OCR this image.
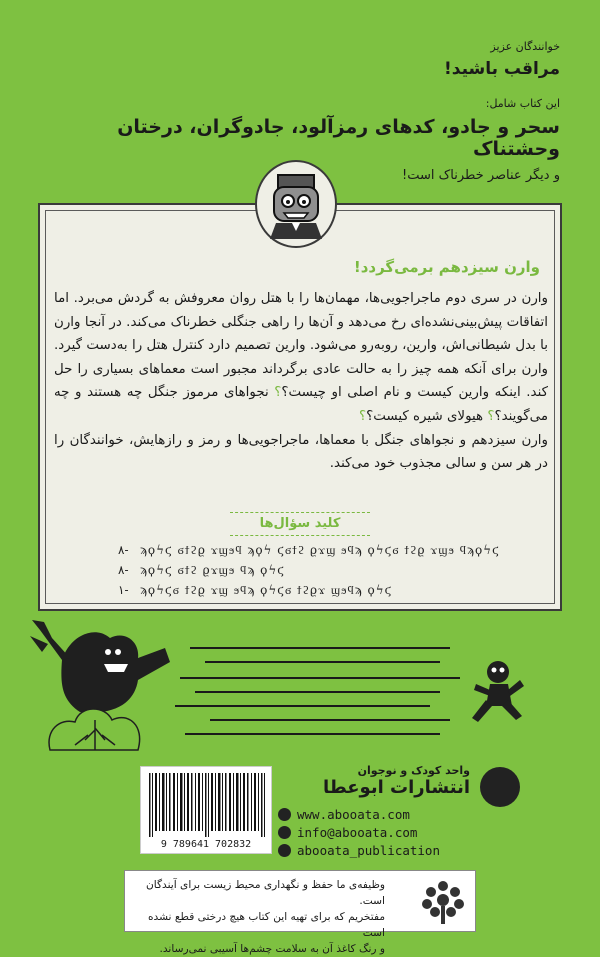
خوانندگان عزیز
مراقب باشید!
این کتاب شامل:
سحر و جادو، کدهای رمزآلود، جادوگران، درختان وحشتناک
و دیگر عناصر خطرناک است!
وارن سیزدهم برمی‌گردد!

وارن در سری دوم ماجراجویی‌ها، مهمان‌ها را با هتل روان معروفش به گردش می‌برد. اما اتفاقات پیش‌بینی‌نشده‌ای رخ می‌دهد و آن‌ها را راهی جنگلی خطرناک می‌کند. در آنجا وارن با بدل شیطانی‌اش، وارین، روبه‌رو می‌شود. وارین تصمیم دارد کنترل هتل را به‌دست گیرد. وارن برای آنکه همه چیز را به حالت عادی برگرداند مجبور است معماهای بسیاری را حل کند. اینکه وارین کیست و نام اصلی او چیست؟؟ نجواهای مرموز جنگل چه هستند و چه می‌گویند؟؟ هیولای شیره کیست؟؟

وارن سیزدهم و نجواهای جنگل با معماها، ماجراجویی‌ها و رمز و رازهایش، خوانندگان را در هر سن و سالی مجذوب خود می‌کند.

کلید سؤال‌ها
۸- ϡϙϟϛ ϭϯϩϱ ϫϣϧϥ ϡϙϟ ϛϭϯϩ ϱϫϣ ϧϥϡ ϙϟϛϭ ϯϩϱ ϫϣϧ ϥϡϙϟϛ
۸- ϡϙϟϛ ϭϯϩ ϱϫϣϧ ϥϡ ϙϟϛ
۱- ϡϙϟϛϭ ϯϩϱ ϫϣ ϧϥϡ ϙϟϛϭ ϯϩϱϫ ϣϧϥϡ ϙϟϛ
9 789641 702832
واحد کودک و نوجوان
انتشارات ابوعطا
www.abooata.com
info@abooata.com
abooata_publication
وظیفه‌ی ما حفظ و نگهداری محیط زیست برای آیندگان است.
مفتخریم که برای تهیه این کتاب هیچ درختی قطع نشده است
و رنگ کاغذ آن به سلامت چشم‌ها آسیبی نمی‌رساند.
